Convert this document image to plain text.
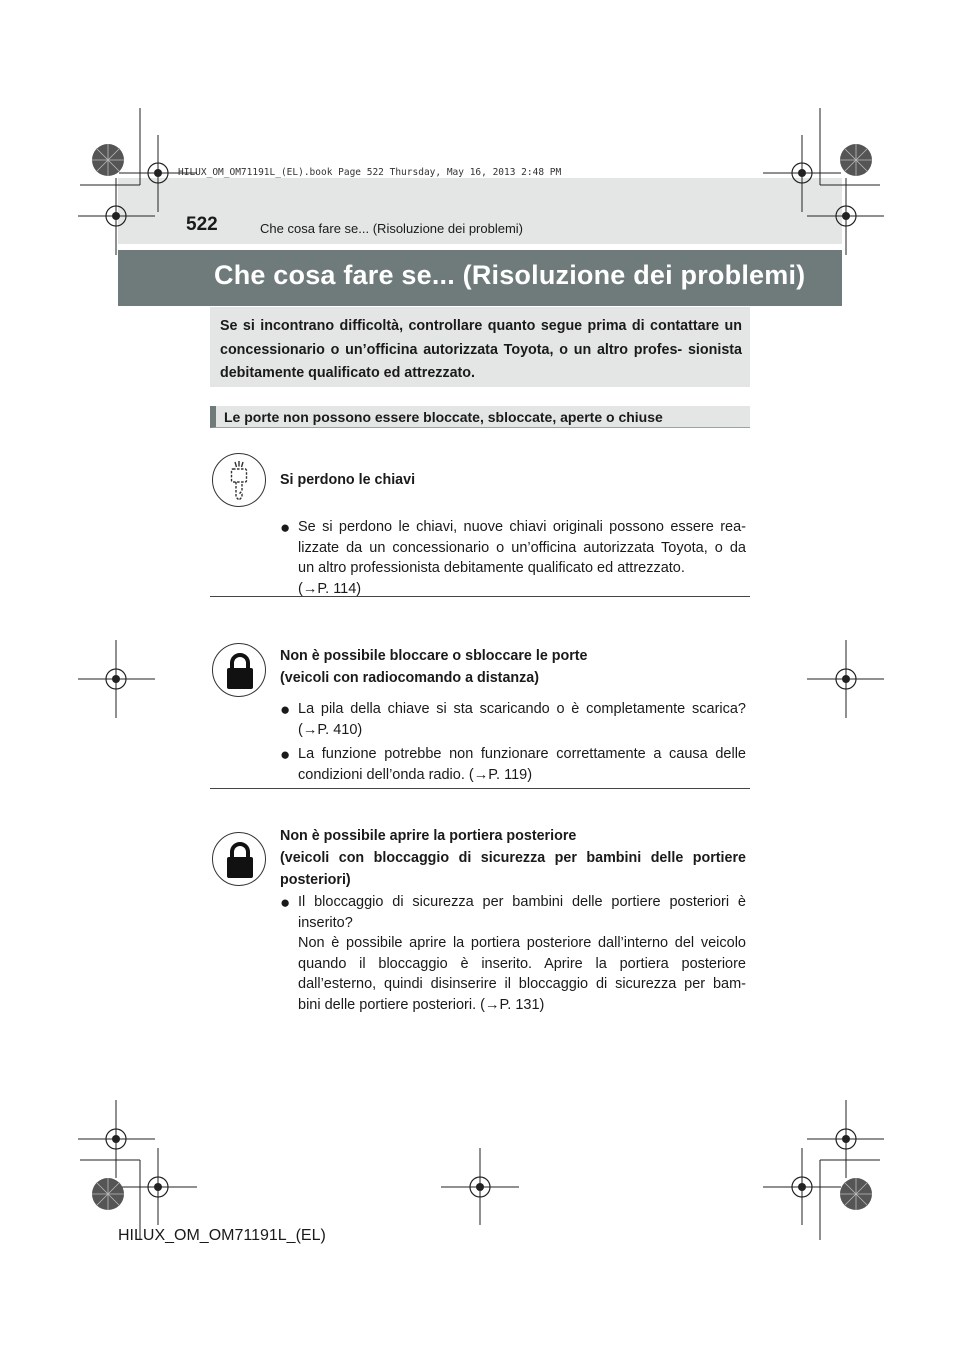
HILUX_OM_OM71191L_(EL).book Page 522 Thursday, May 16, 2013 2:48 PM
522	Che cosa fare se... (Risoluzione dei problemi)
Che cosa fare se... (Risoluzione dei problemi)
Se si incontrano difficoltà, controllare quanto segue prima di contattare un concessionario o un’officina autorizzata Toyota, o un altro profes- sionista debitamente qualificato ed attrezzato.
Le porte non possono essere bloccate, sbloccate, aperte o chiuse
Si perdono le chiavi
● Se si perdono le chiavi, nuove chiavi originali possono essere rea-
lizzate da un concessionario o un’officina autorizzata Toyota, o da
un altro professionista debitamente qualificato ed attrezzato.
(→P. 114)
Non è possibile bloccare o sbloccare le porte
(veicoli con radiocomando a distanza)
● La pila della chiave si sta scaricando o è completamente scarica?
(→P. 410)
● La funzione potrebbe non funzionare correttamente a causa delle
condizioni dell’onda radio. (→P. 119)
Non è possibile aprire la portiera posteriore
(veicoli con bloccaggio di sicurezza per bambini delle portiere
posteriori)
● Il bloccaggio di sicurezza per bambini delle portiere posteriori è
inserito?
Non è possibile aprire la portiera posteriore dall’interno del veicolo
quando il bloccaggio è inserito. Aprire la portiera posteriore
dall’esterno, quindi disinserire il bloccaggio di sicurezza per bam-
bini delle portiere posteriori. (→P. 131)
HILUX_OM_OM71191L_(EL)
